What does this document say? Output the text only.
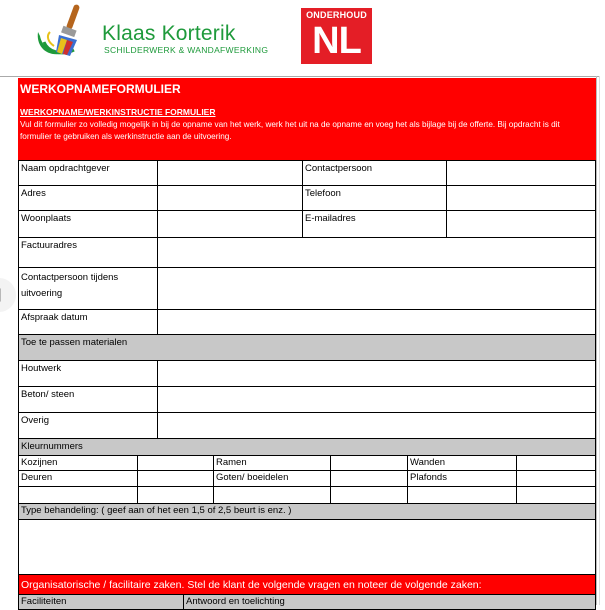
Klaas Korterik
SCHILDERWERK & WANDAFWERKING
ONDERHOUD
NL
WERKOPNAMEFORMULIER
WERKOPNAME/WERKINSTRUCTIE FORMULIER
Vul dit formulier zo volledig mogelijk in bij de opname van het werk, werk het uit na de opname en voeg het als bijlage bij de offerte. Bij opdracht is dit formulier te gebruiken als werkinstructie aan de uitvoering.
Naam opdrachtgever	Contactpersoon
Adres	Telefoon
Woonplaats	E-mailadres
Factuuradres
Contactpersoon tijdens uitvoering
Afspraak datum
Toe te passen materialen
Houtwerk
Beton/ steen
Overig
Kleurnummers
Kozijnen	Ramen	Wanden
Deuren	Goten/ boeidelen	Plafonds
Type behandeling: ( geef aan of het een 1,5 of 2,5 beurt is enz. )
Organisatorische / facilitaire zaken. Stel de klant de volgende vragen en noteer de volgende zaken:
Faciliteiten	Antwoord en toelichting
